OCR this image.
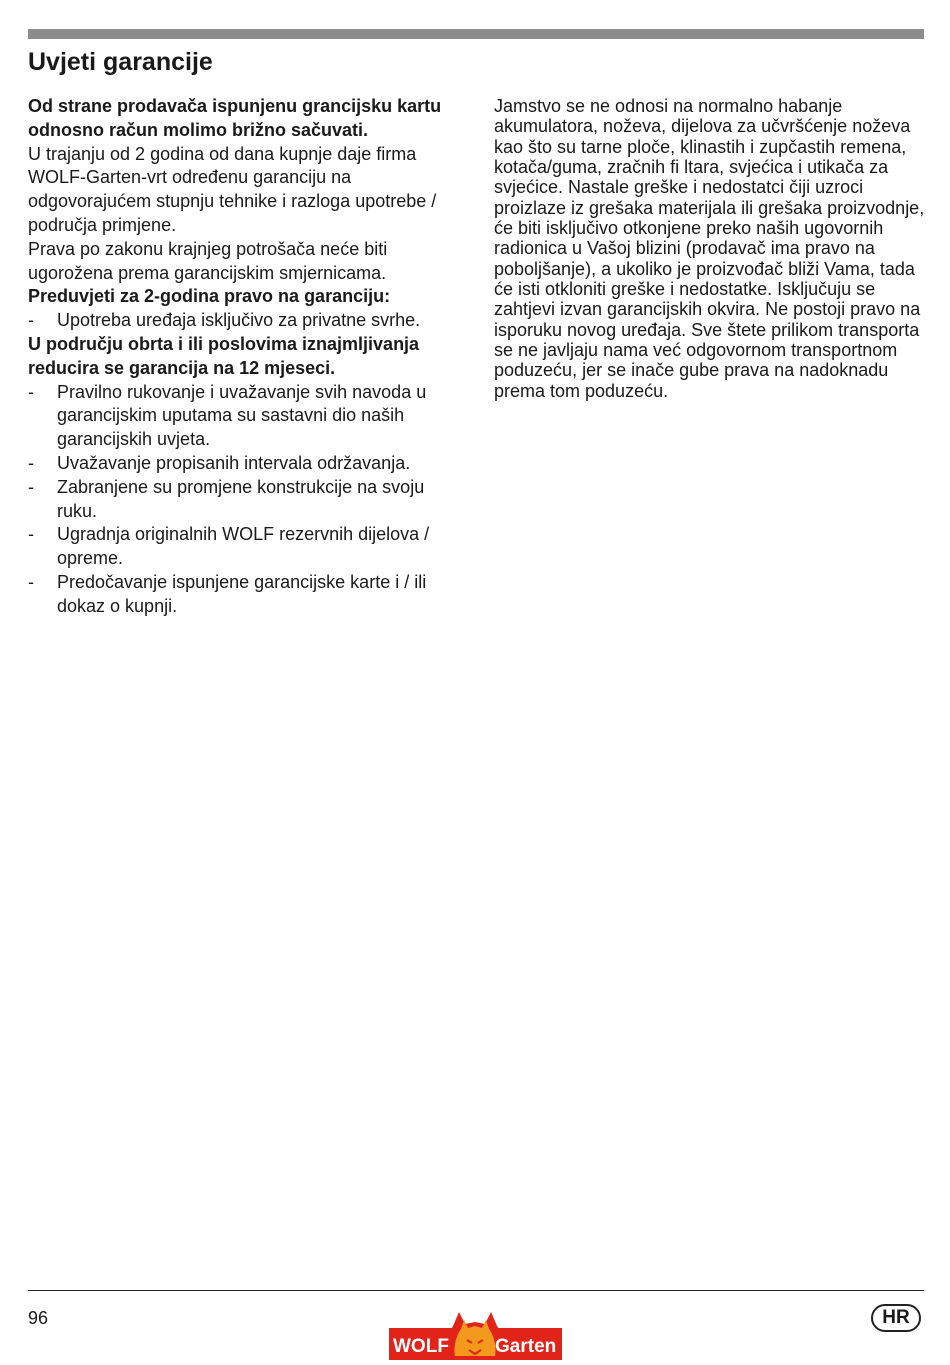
Uvjeti garancije

Od strane prodavača ispunjenu grancijsku kartu odnosno račun molimo brižno sačuvati.

U trajanju od 2 godina od dana kupnje daje firma WOLF-Garten-vrt određenu garanciju na odgovorajućem stupnju tehnike i razloga upotrebe / područja primjene.

Prava po zakonu krajnjeg potrošača neće biti ugorožena prema garancijskim smjernicama.

Preduvjeti za 2-godina pravo na garanciju:

- Upotreba uređaja isključivo za privatne svrhe.

U području obrta i ili poslovima iznajmljivanja reducira se garancija na 12 mjeseci.

- Pravilno rukovanje i uvažavanje svih navoda u garancijskim uputama su sastavni dio naših garancijskih uvjeta.
- Uvažavanje propisanih intervala održavanja.
- Zabranjene su promjene konstrukcije na svoju ruku.
- Ugradnja originalnih WOLF rezervnih dijelova / opreme.
- Predočavanje ispunjene garancijske karte i / ili dokaz o kupnji.

Jamstvo se ne odnosi na normalno habanje akumulatora, noževa, dijelova za učvršćenje noževa kao što su tarne ploče, klinastih i zupčastih remena, kotača/guma, zračnih fi ltara, svjećica i utikača za svjećice. Nastale greške i nedostatci čiji uzroci proizlaze iz grešaka materijala ili grešaka proizvodnje, će biti isključivo otkonjene preko naših ugovornih radionica u Vašoj blizini (prodavač ima pravo na poboljšanje), a ukoliko je proizvođač bliži Vama, tada će isti otkloniti greške i nedostatke. Isključuju se zahtjevi izvan garancijskih okvira. Ne postoji pravo na isporuku novog uređaja. Sve štete prilikom transporta se ne javljaju nama već odgovornom transportnom poduzeću, jer se inače gube prava na nadoknadu prema tom poduzeću.

96
WOLF Garten
HR
